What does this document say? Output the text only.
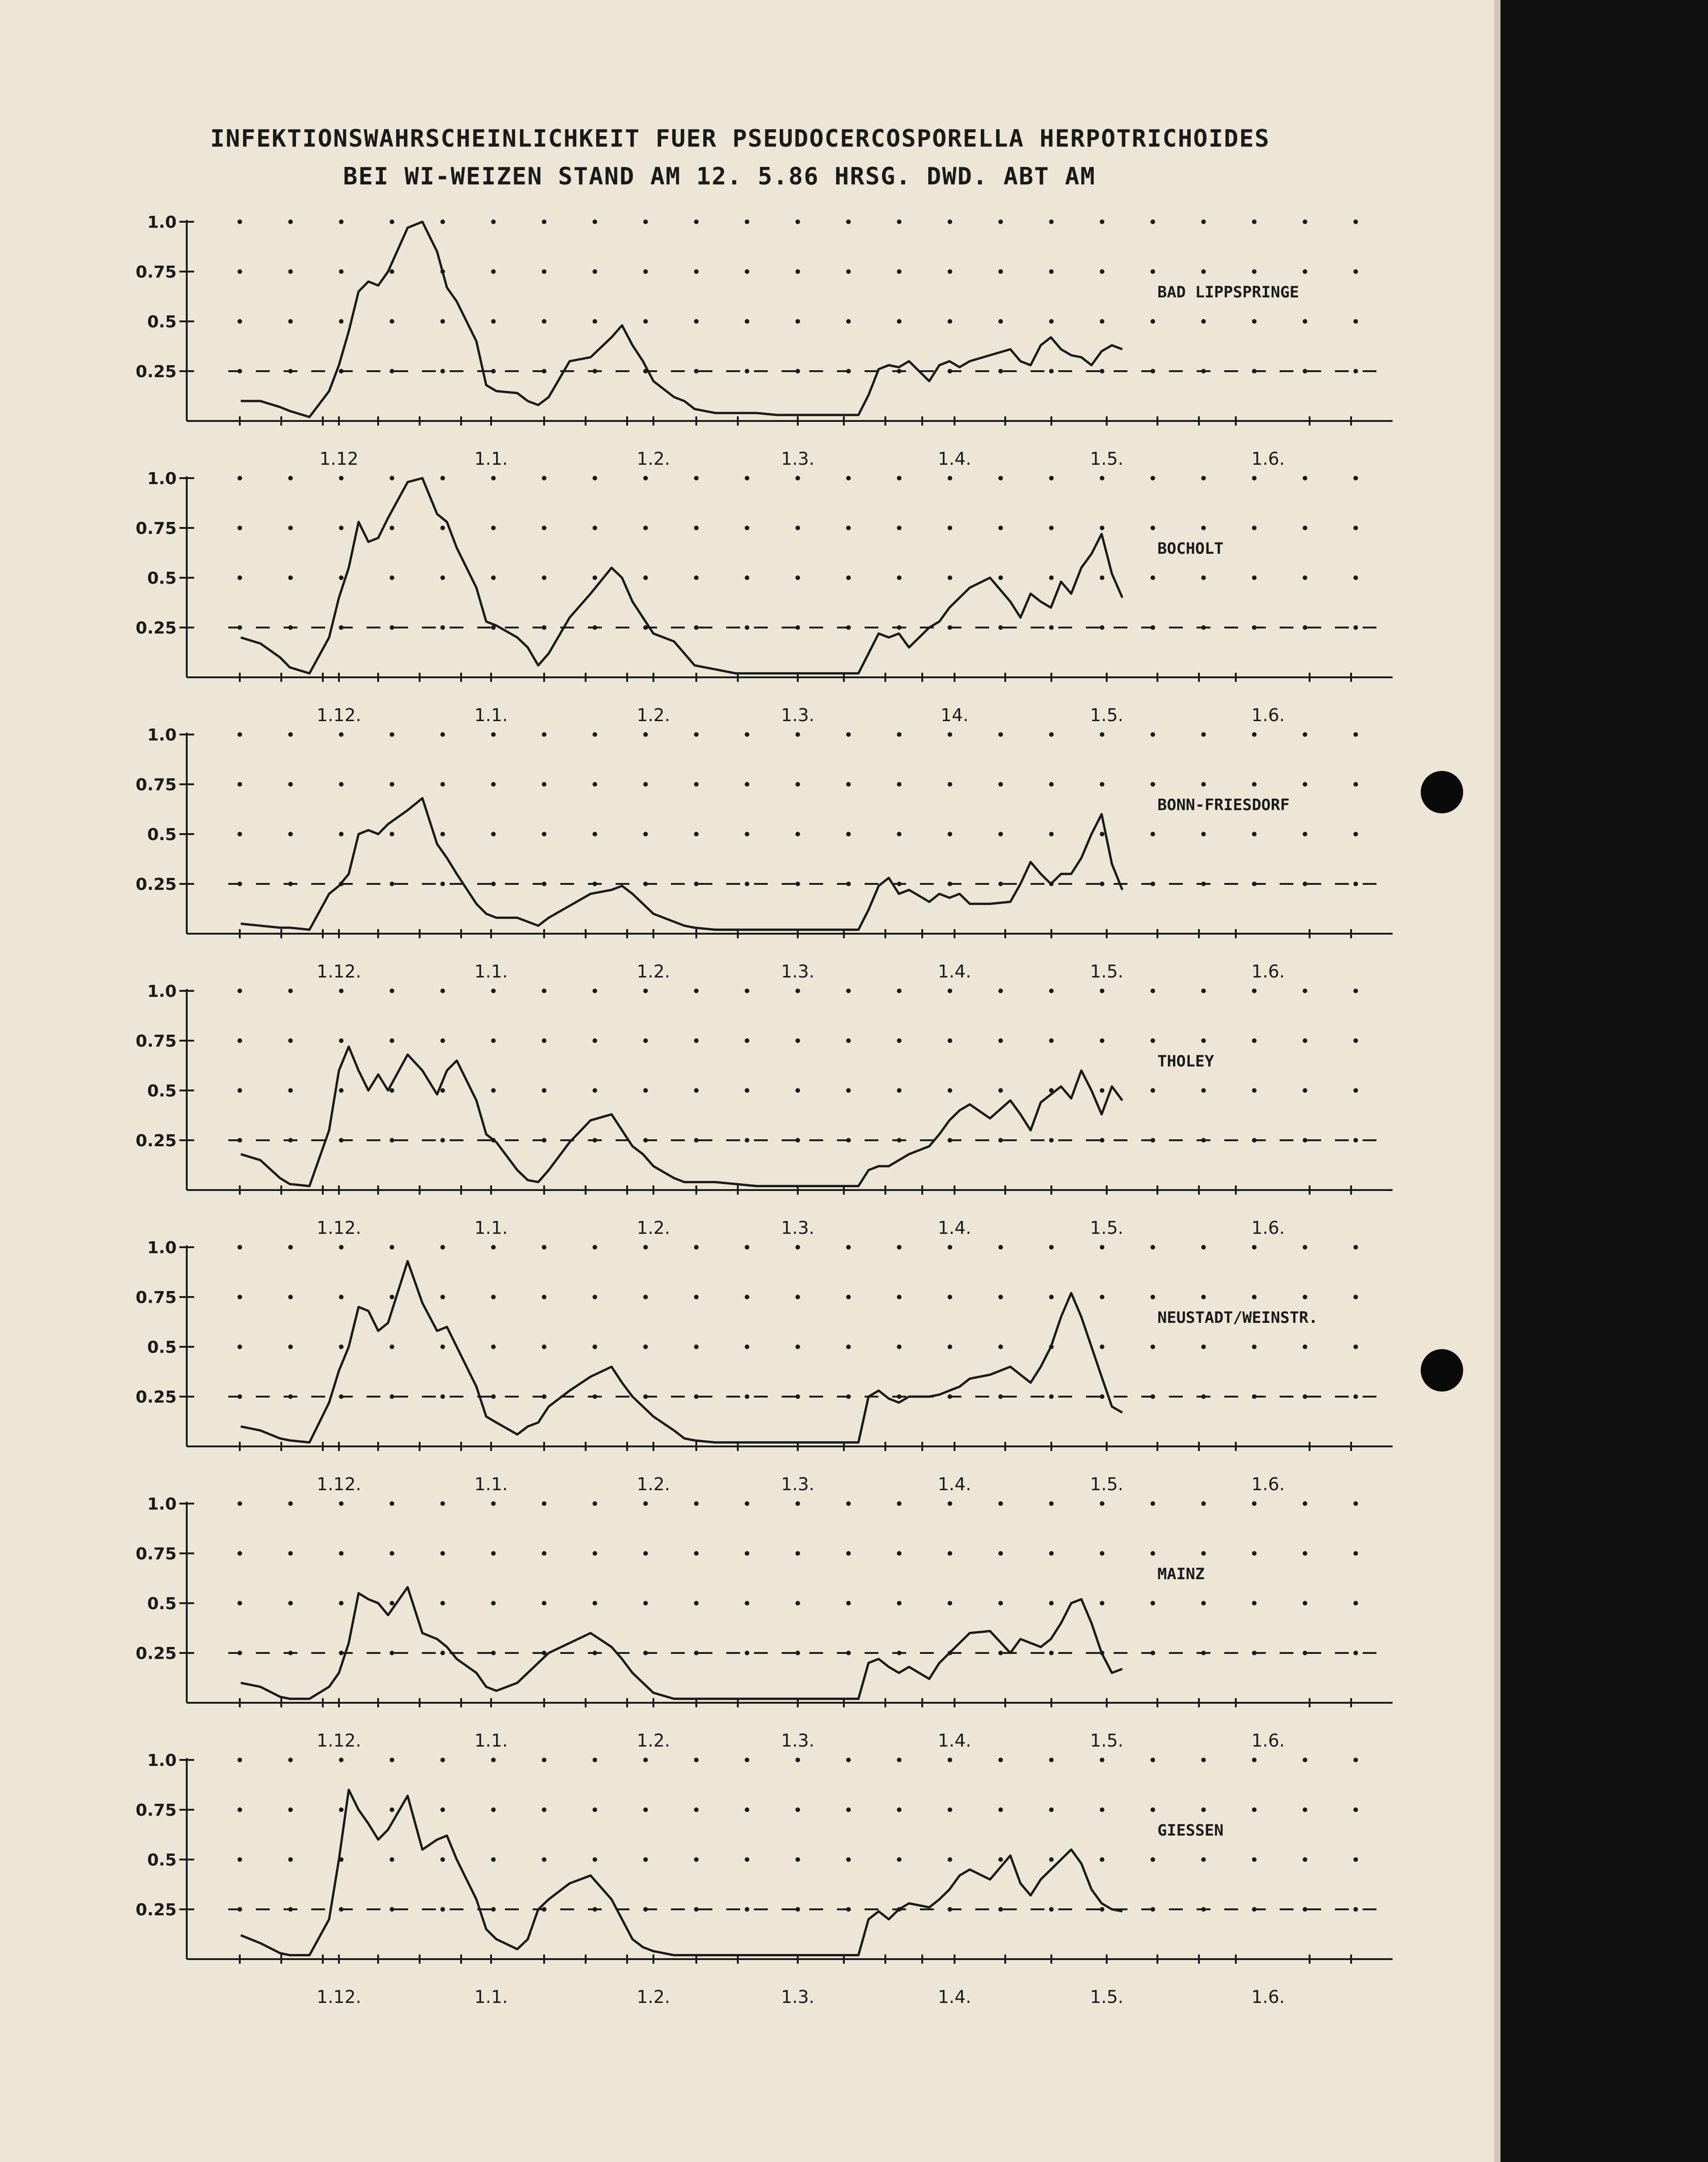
INFEKTIONSWAHRSCHEINLICHKEIT FUER PSEUDOCERCOSPORELLA HERPOTRICHOIDES
BEI WI-WEIZEN STAND AM 12. 5.86 HRSG. DWD. ABT AM
1.0
0.75
0.5
0.25
1.12	1.1.	1.2.	1.3.	1.4.	1.5.	1.6.
BAD LIPPSPRINGE
1.0
0.75
0.5
0.25
1.12.	1.1.	1.2.	1.3.	14.	1.5.	1.6.
BOCHOLT
1.0
0.75
0.5
0.25
1.12.	1.1.	1.2.	1.3.	1.4.	1.5.	1.6.
BONN-FRIESDORF
1.0
0.75
0.5
0.25
1.12.	1.1.	1.2.	1.3.	1.4.	1.5.	1.6.
THOLEY
1.0
0.75
0.5
0.25
1.12.	1.1.	1.2.	1.3.	1.4.	1.5.	1.6.
NEUSTADT/WEINSTR.
1.0
0.75
0.5
0.25
1.12.	1.1.	1.2.	1.3.	1.4.	1.5.	1.6.
MAINZ
1.0
0.75
0.5
0.25
1.12.	1.1.	1.2.	1.3.	1.4.	1.5.	1.6.
GIESSEN
